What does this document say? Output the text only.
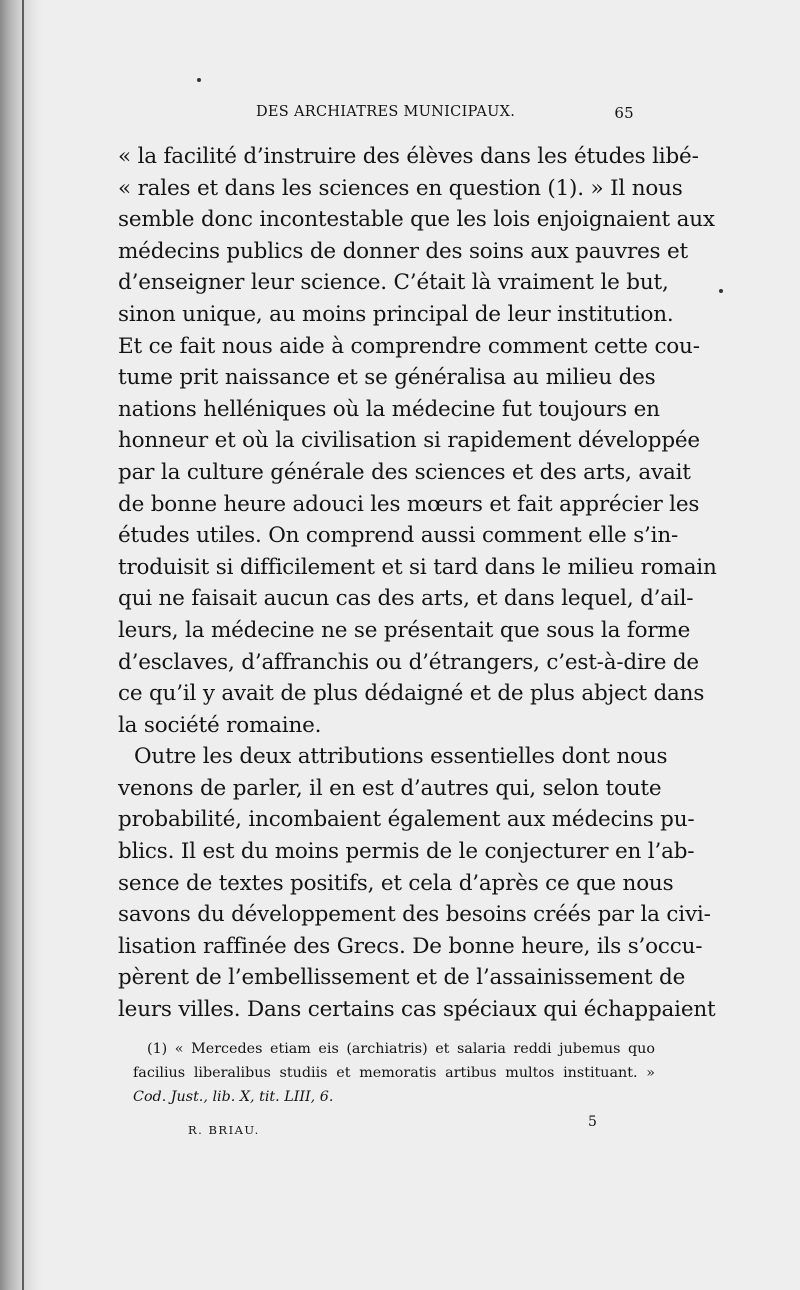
DES ARCHIATRES MUNICIPAUX.	65
« la facilité d’instruire des élèves dans les études libé-
« rales et dans les sciences en question (1). » Il nous
semble donc incontestable que les lois enjoignaient aux
médecins publics de donner des soins aux pauvres et
d’enseigner leur science. C’était là vraiment le but,
sinon unique, au moins principal de leur institution.
Et ce fait nous aide à comprendre comment cette cou-
tume prit naissance et se généralisa au milieu des
nations helléniques où la médecine fut toujours en
honneur et où la civilisation si rapidement développée
par la culture générale des sciences et des arts, avait
de bonne heure adouci les mœurs et fait apprécier les
études utiles. On comprend aussi comment elle s’in-
troduisit si difficilement et si tard dans le milieu romain
qui ne faisait aucun cas des arts, et dans lequel, d’ail-
leurs, la médecine ne se présentait que sous la forme
d’esclaves, d’affranchis ou d’étrangers, c’est-à-dire de
ce qu’il y avait de plus dédaigné et de plus abject dans
la société romaine.
Outre les deux attributions essentielles dont nous
venons de parler, il en est d’autres qui, selon toute
probabilité, incombaient également aux médecins pu-
blics. Il est du moins permis de le conjecturer en l’ab-
sence de textes positifs, et cela d’après ce que nous
savons du développement des besoins créés par la civi-
lisation raffinée des Grecs. De bonne heure, ils s’occu-
pèrent de l’embellissement et de l’assainissement de
leurs villes. Dans certains cas spéciaux qui échappaient
(1) « Mercedes etiam eis (archiatris) et salaria reddi jubemus quo
facilius liberalibus studiis et memoratis artibus multos instituant. »
Cod. Just., lib. X, tit. LIII, 6.
R. BRIAU.	5
